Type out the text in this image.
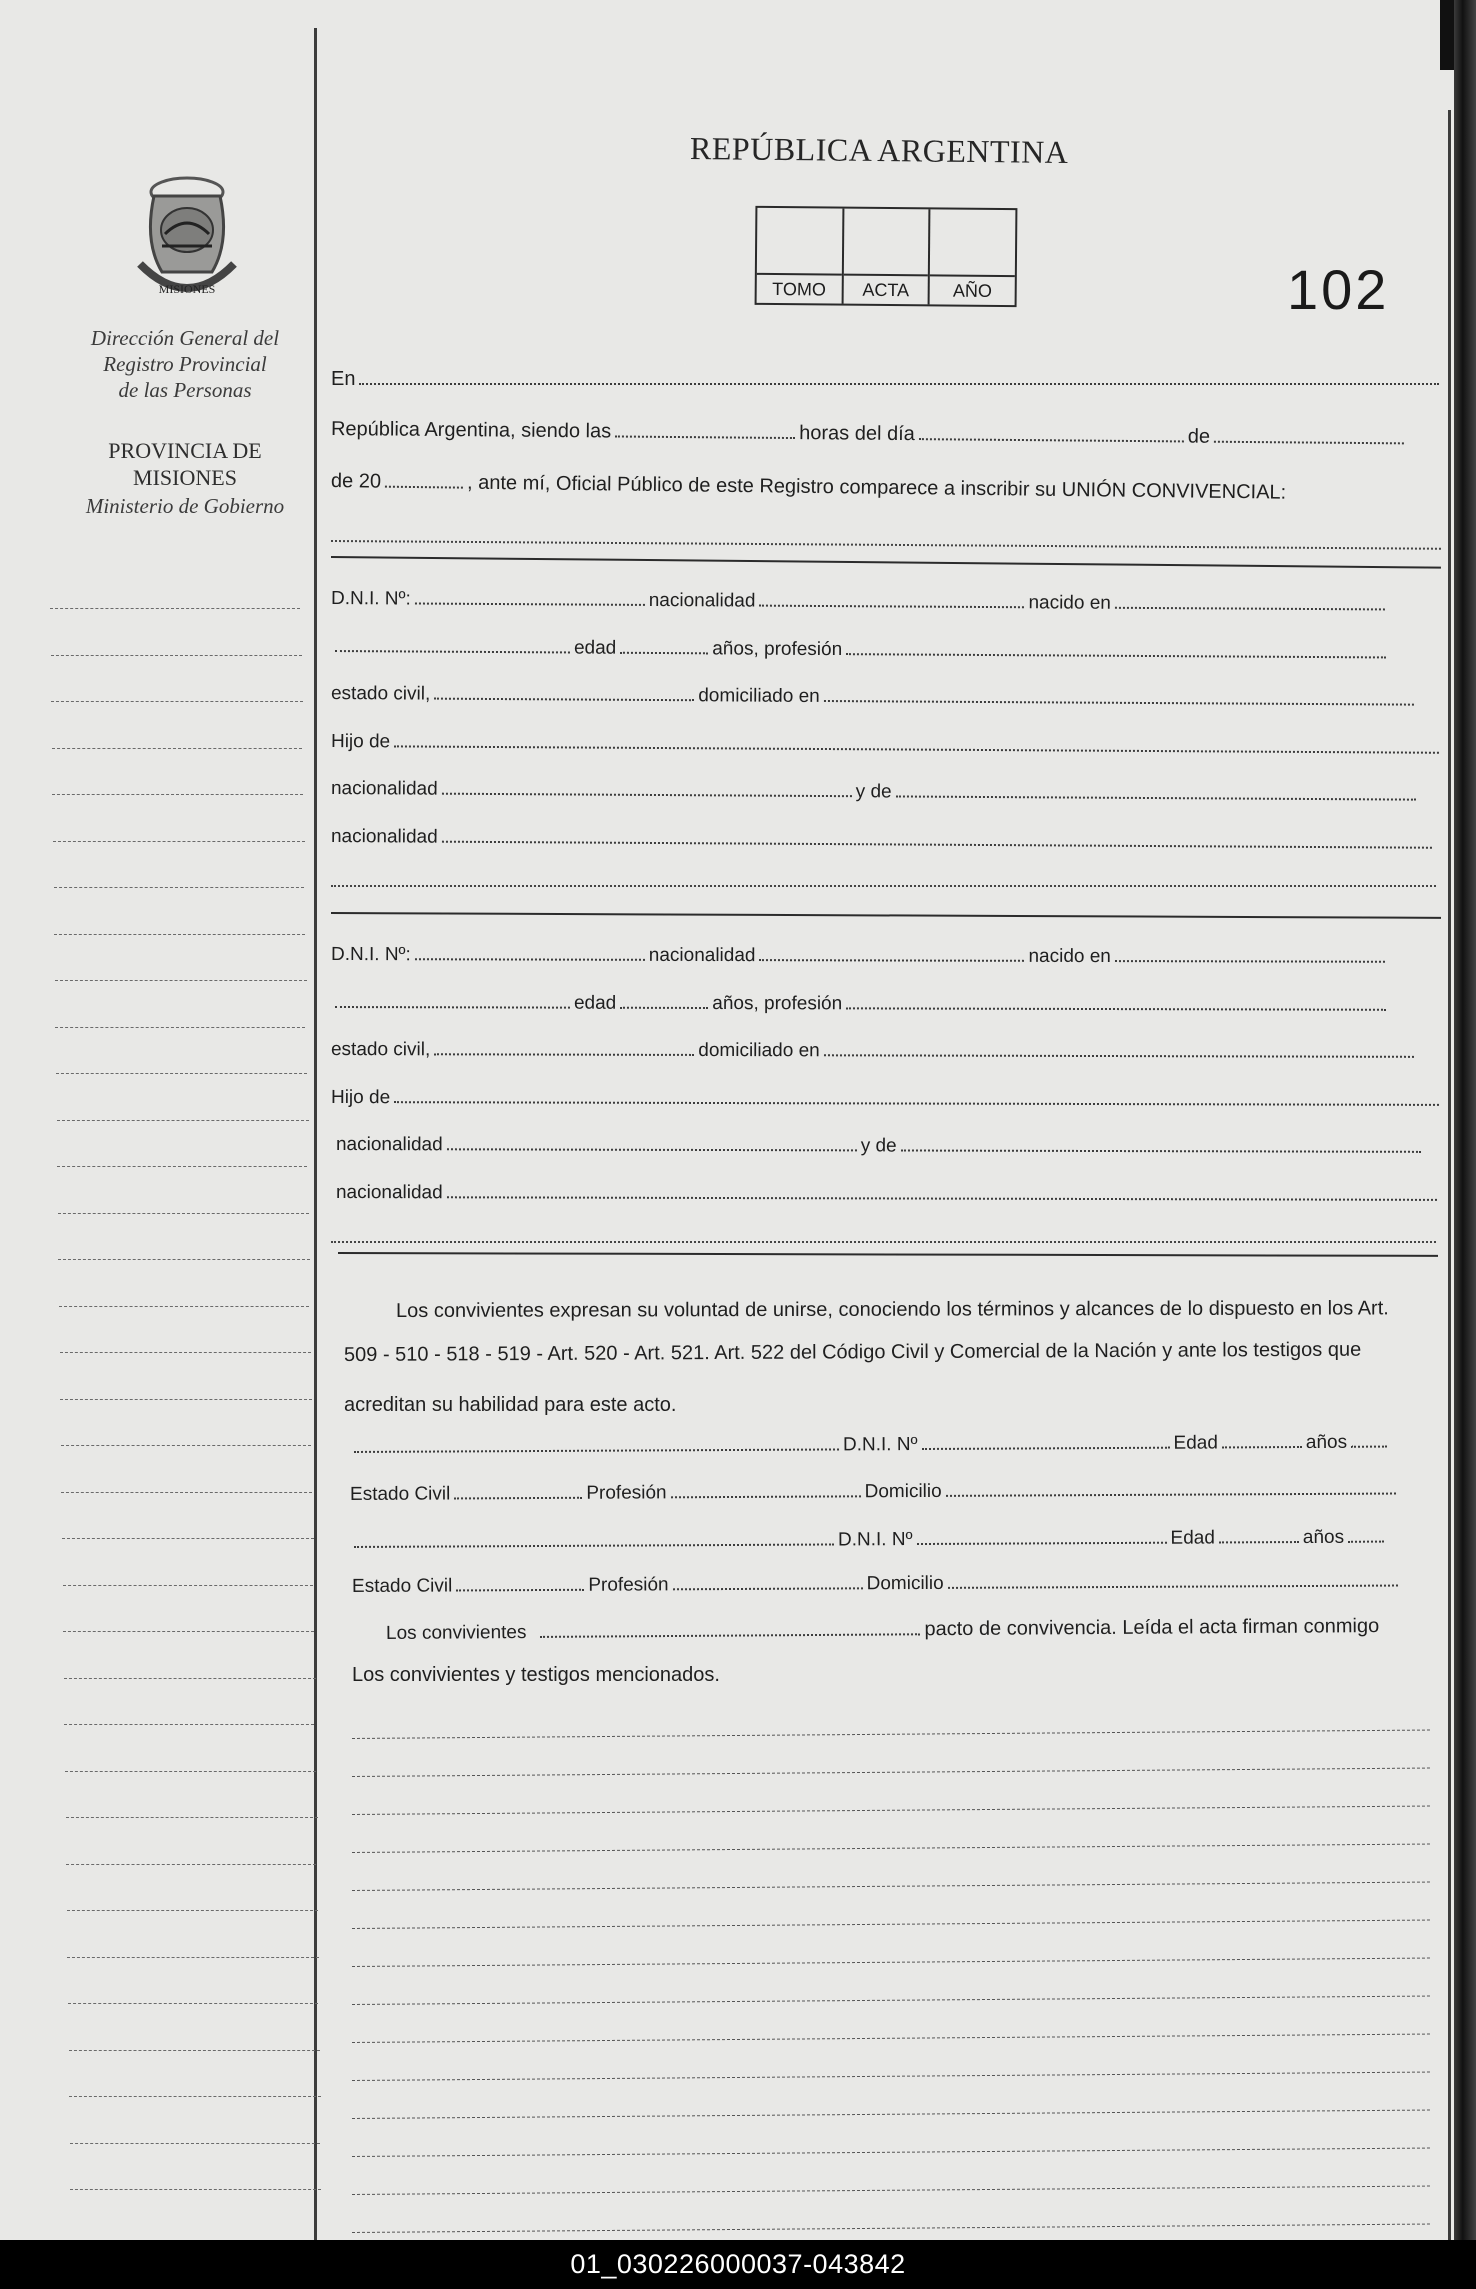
MISIONES
Dirección General del
Registro Provincial
de las Personas
PROVINCIA DE
MISIONES
Ministerio de Gobierno
REPÚBLICA ARGENTINA
TOMO	ACTA	AÑO	102
En
República Argentina, siendo las	horas del día	de
de 20	, ante mí, Oficial Público de este Registro comparece a inscribir su UNIÓN CONVIVENCIAL:
D.N.I. Nº:	nacionalidad	nacido en
edad	años, profesión
estado civil,	domiciliado en
Hijo de
nacionalidad	y de
nacionalidad
D.N.I. Nº:	nacionalidad	nacido en
edad	años, profesión
estado civil,	domiciliado en
Hijo de
nacionalidad	y de
nacionalidad
Los convivientes expresan su voluntad de unirse, conociendo los términos y alcances de lo dispuesto en los Art.
509 - 510 - 518 - 519 - Art. 520 - Art. 521. Art. 522 del Código Civil y Comercial de la Nación y ante los testigos que
acreditan su habilidad para este acto.
D.N.I. Nº	Edad	años
Estado Civil	Profesión	Domicilio
D.N.I. Nº	Edad	años
Estado Civil	Profesión	Domicilio
Los convivientes	pacto de convivencia. Leída el acta firman conmigo
Los convivientes y testigos mencionados.
01_030226000037-043842
